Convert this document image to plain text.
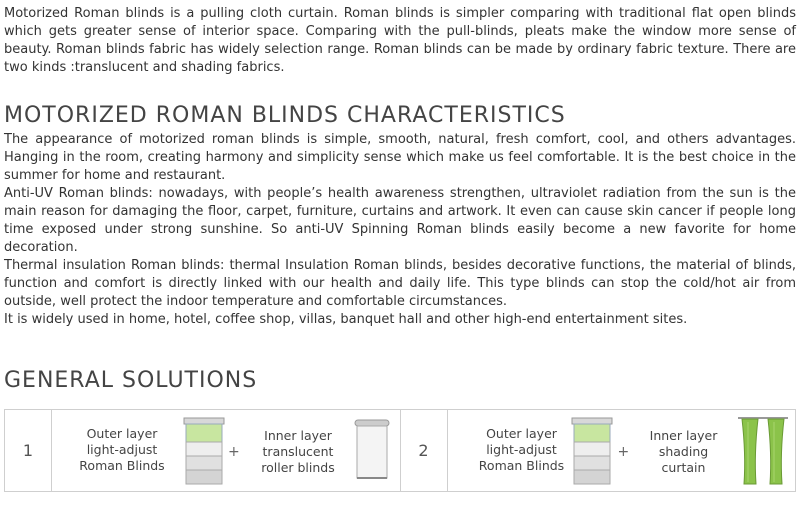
Motorized Roman blinds is a pulling cloth curtain. Roman blinds is simpler comparing with traditional flat open blinds which gets greater sense of interior space. Comparing with the pull-blinds, pleats make the window more sense of beauty. Roman blinds fabric has widely selection range. Roman blinds can be made by ordinary fabric texture. There are two kinds :translucent and shading fabrics.

MOTORIZED ROMAN BLINDS CHARACTERISTICS
The appearance of motorized roman blinds is simple, smooth, natural, fresh comfort, cool, and others advantages. Hanging in the room, creating harmony and simplicity sense which make us feel comfortable. It is the best choice in the summer for home and restaurant.
Anti-UV Roman blinds: nowadays, with people’s health awareness strengthen, ultraviolet radiation from the sun is the main reason for damaging the floor, carpet, furniture, curtains and artwork. It even can cause skin cancer if people long time exposed under strong sunshine. So anti-UV Spinning Roman blinds easily become a new favorite for home decoration.
Thermal insulation Roman blinds: thermal Insulation Roman blinds, besides decorative functions, the material of blinds, function and comfort is directly linked with our health and daily life. This type blinds can stop the cold/hot air from outside, well protect the indoor temperature and comfortable circumstances.
It is widely used in home, hotel, coffee shop, villas, banquet hall and other high-end entertainment sites.
GENERAL SOLUTIONS
1
Outer layer
light-adjust
Roman Blinds
+
Inner layer
translucent
roller blinds
2
Outer layer
light-adjust
Roman Blinds
+
Inner layer
shading
curtain
